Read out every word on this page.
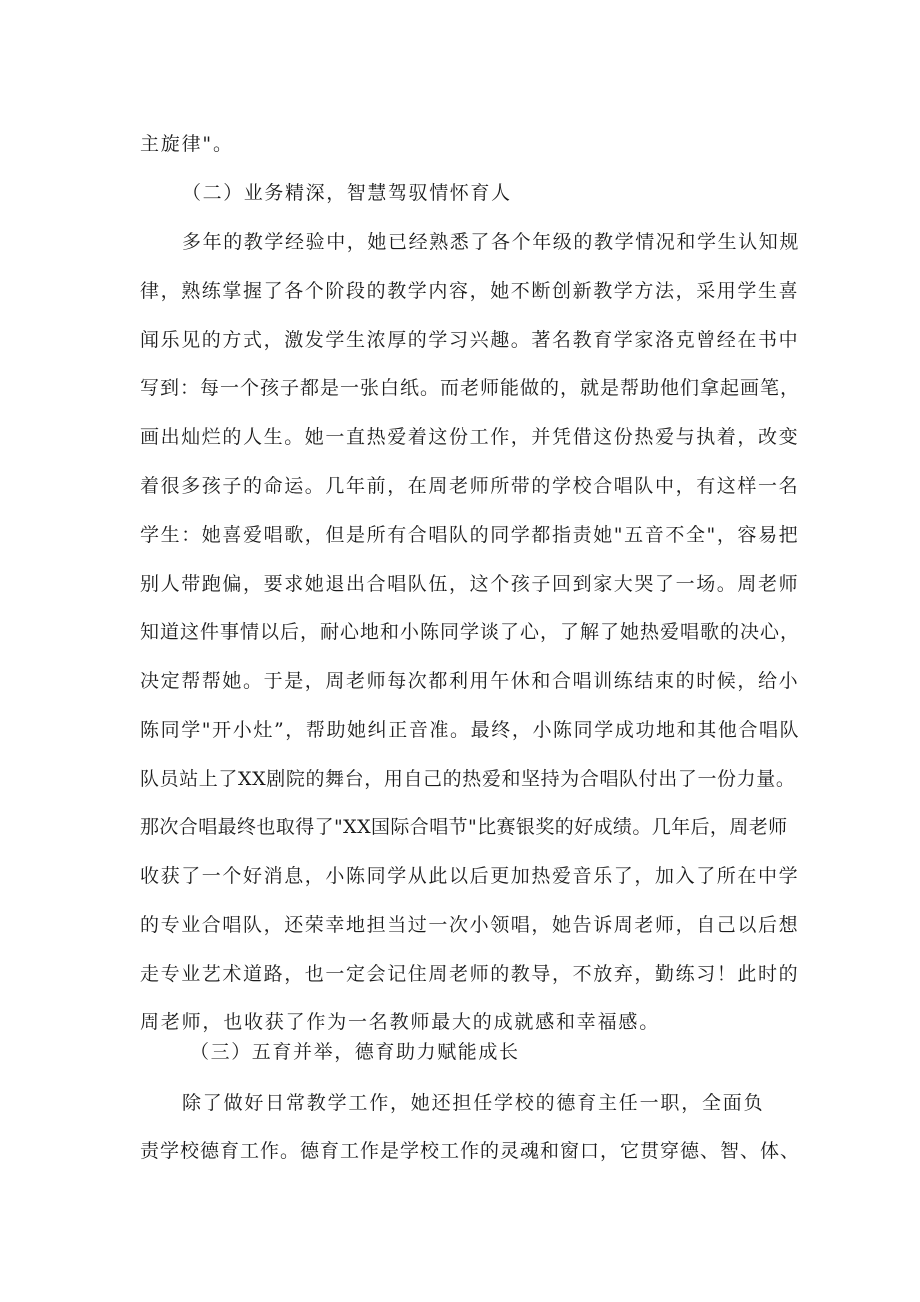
主旋律"。
（二）业务精深，智慧驾驭情怀育人
多年的教学经验中，她已经熟悉了各个年级的教学情况和学生认知规
律，熟练掌握了各个阶段的教学内容，她不断创新教学方法，采用学生喜
闻乐见的方式，激发学生浓厚的学习兴趣。著名教育学家洛克曾经在书中
写到：每一个孩子都是一张白纸。而老师能做的，就是帮助他们拿起画笔，
画出灿烂的人生。她一直热爱着这份工作，并凭借这份热爱与执着，改变
着很多孩子的命运。几年前，在周老师所带的学校合唱队中，有这样一名
学生：她喜爱唱歌，但是所有合唱队的同学都指责她"五音不全"，容易把
别人带跑偏，要求她退出合唱队伍，这个孩子回到家大哭了一场。周老师
知道这件事情以后，耐心地和小陈同学谈了心，了解了她热爱唱歌的决心，
决定帮帮她。于是，周老师每次都利用午休和合唱训练结束的时候，给小
陈同学"开小灶”，帮助她纠正音准。最终，小陈同学成功地和其他合唱队
队员站上了XX剧院的舞台，用自己的热爱和坚持为合唱队付出了一份力量。
那次合唱最终也取得了"XX国际合唱节"比赛银奖的好成绩。几年后，周老师
收获了一个好消息，小陈同学从此以后更加热爱音乐了，加入了所在中学
的专业合唱队，还荣幸地担当过一次小领唱，她告诉周老师，自己以后想
走专业艺术道路，也一定会记住周老师的教导，不放弃，勤练习！此时的
周老师，也收获了作为一名教师最大的成就感和幸福感。
（三）五育并举，德育助力赋能成长
除了做好日常教学工作，她还担任学校的德育主任一职，全面负
责学校德育工作。德育工作是学校工作的灵魂和窗口，它贯穿德、智、体、
